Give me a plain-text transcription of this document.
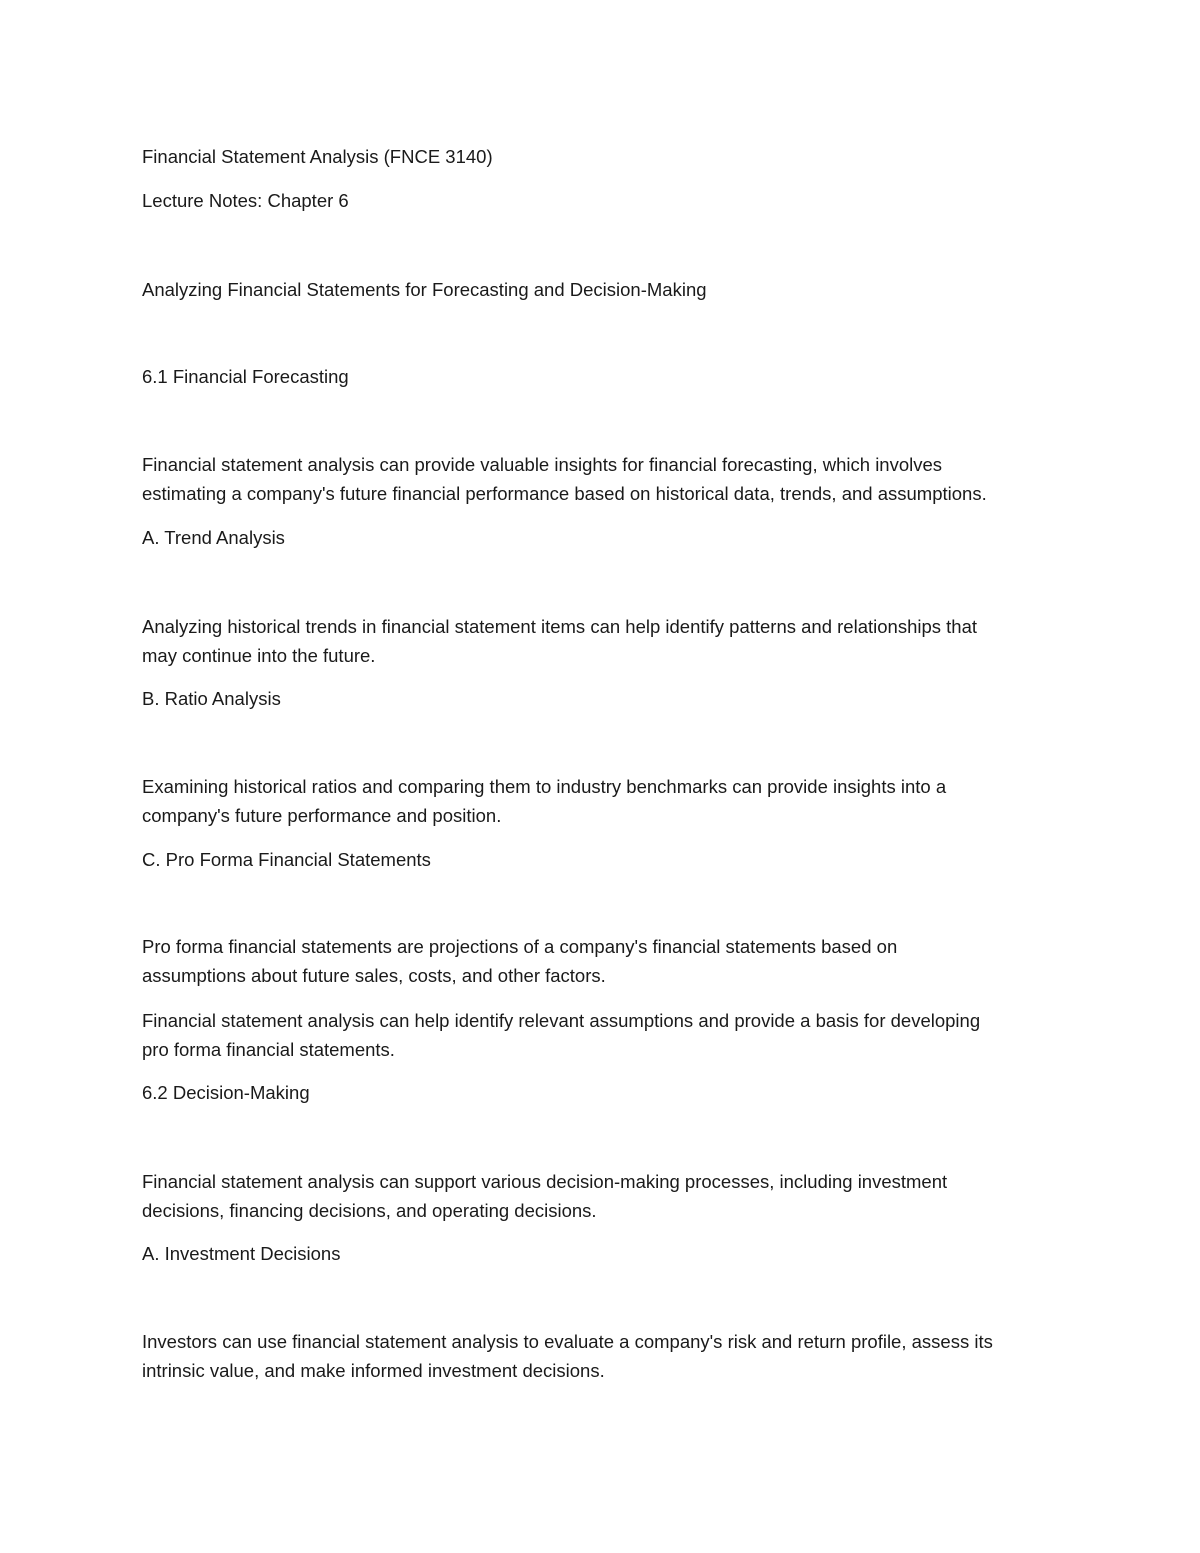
Financial Statement Analysis (FNCE 3140)

Lecture Notes: Chapter 6

Analyzing Financial Statements for Forecasting and Decision-Making

6.1 Financial Forecasting

Financial statement analysis can provide valuable insights for financial forecasting, which involves

estimating a company's future financial performance based on historical data, trends, and assumptions.

A. Trend Analysis

Analyzing historical trends in financial statement items can help identify patterns and relationships that

may continue into the future.

B. Ratio Analysis

Examining historical ratios and comparing them to industry benchmarks can provide insights into a

company's future performance and position.

C. Pro Forma Financial Statements

Pro forma financial statements are projections of a company's financial statements based on

assumptions about future sales, costs, and other factors.

Financial statement analysis can help identify relevant assumptions and provide a basis for developing

pro forma financial statements.

6.2 Decision-Making

Financial statement analysis can support various decision-making processes, including investment

decisions, financing decisions, and operating decisions.

A. Investment Decisions

Investors can use financial statement analysis to evaluate a company's risk and return profile, assess its

intrinsic value, and make informed investment decisions.
